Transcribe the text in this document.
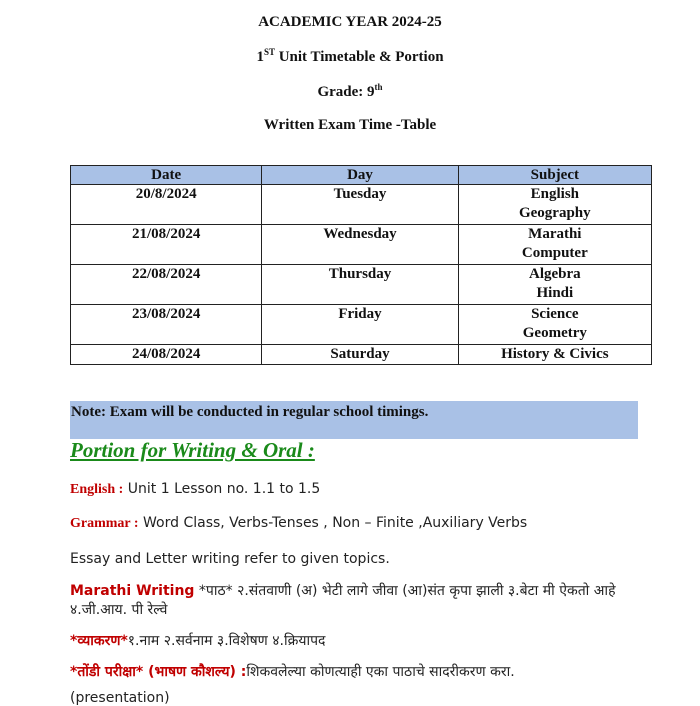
ACADEMIC YEAR 2024-25
1ST Unit Timetable & Portion
Grade: 9th
Written Exam Time -Table
Date	Day	Subject
20/8/2024	Tuesday	English
Geography

21/08/2024	Wednesday	Marathi
Computer

22/08/2024	Thursday	Algebra
Hindi

23/08/2024	Friday	Science
Geometry

24/08/2024	Saturday	History & Civics
Note: Exam will be conducted in regular school timings.
Portion for Writing & Oral :
English : Unit 1 Lesson no. 1.1 to 1.5
Grammar : Word Class, Verbs-Tenses , Non – Finite ,Auxiliary Verbs
Essay and Letter writing refer to given topics.
Marathi Writing *पाठ* २.संतवाणी (अ) भेटी लागे जीवा (आ)संत कृपा झाली ३.बेटा मी ऐकतो आहे ४.जी.आय. पी रेल्वे
*व्याकरण*१.नाम २.सर्वनाम ३.विशेषण ४.क्रियापद
*तोंडी परीक्षा* (भाषण कौशल्य) :शिकवलेल्या कोणत्याही एका पाठाचे सादरीकरण करा.
(presentation)
